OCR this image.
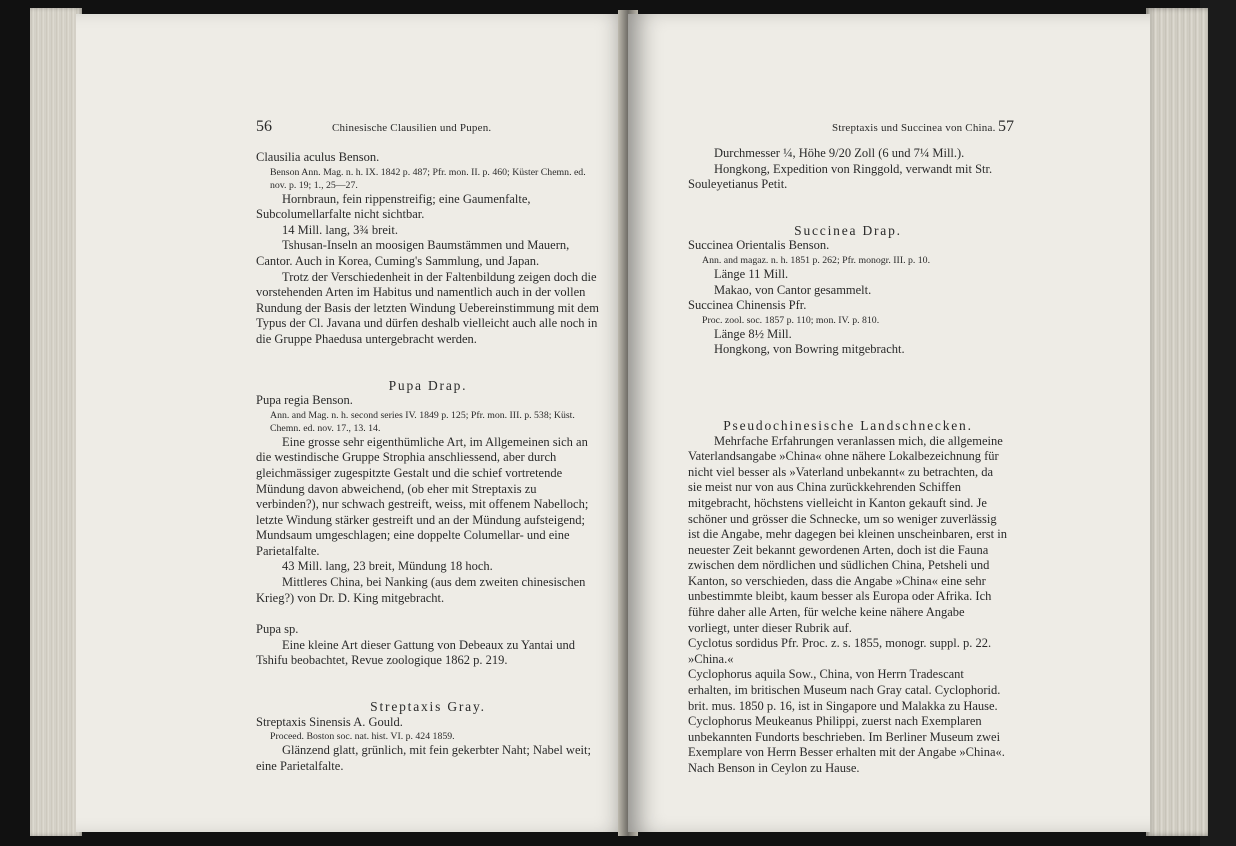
56	Chinesische Clausilien und Pupen.

Clausilia aculus Benson.

Benson Ann. Mag. n. h. IX. 1842 p. 487; Pfr. mon. II. p. 460; Küster Chemn. ed. nov. p. 19; 1., 25—27.

Hornbraun, fein rippenstreifig; eine Gaumenfalte, Subcolumellarfalte nicht sichtbar.

14 Mill. lang, 3¾ breit.

Tshusan-Inseln an moosigen Baumstämmen und Mauern, Cantor. Auch in Korea, Cuming's Sammlung, und Japan.

Trotz der Verschiedenheit in der Faltenbildung zeigen doch die vorstehenden Arten im Habitus und namentlich auch in der vollen Rundung der Basis der letzten Windung Uebereinstimmung mit dem Typus der Cl. Javana und dürfen deshalb vielleicht auch alle noch in die Gruppe Phaedusa untergebracht werden.

Pupa Drap.

Pupa regia Benson.

Ann. and Mag. n. h. second series IV. 1849 p. 125; Pfr. mon. III. p. 538; Küst. Chemn. ed. nov. 17., 13. 14.

Eine grosse sehr eigenthümliche Art, im Allgemeinen sich an die westindische Gruppe Strophia anschliessend, aber durch gleichmässiger zugespitzte Gestalt und die schief vortretende Mündung davon abweichend, (ob eher mit Streptaxis zu verbinden?), nur schwach gestreift, weiss, mit offenem Nabelloch; letzte Windung stärker gestreift und an der Mündung aufsteigend; Mundsaum umgeschlagen; eine doppelte Columellar- und eine Parietalfalte.

43 Mill. lang, 23 breit, Mündung 18 hoch.

Mittleres China, bei Nanking (aus dem zweiten chinesischen Krieg?) von Dr. D. King mitgebracht.

Pupa sp.

Eine kleine Art dieser Gattung von Debeaux zu Yantai und Tshifu beobachtet, Revue zoologique 1862 p. 219.

Streptaxis Gray.

Streptaxis Sinensis A. Gould.

Proceed. Boston soc. nat. hist. VI. p. 424 1859.

Glänzend glatt, grünlich, mit fein gekerbter Naht; Nabel weit; eine Parietalfalte.

Streptaxis und Succinea von China. 57

Durchmesser ¼, Höhe 9/20 Zoll (6 und 7¼ Mill.).

Hongkong, Expedition von Ringgold, verwandt mit Str. Souleyetianus Petit.

Succinea Drap.

Succinea Orientalis Benson.

Ann. and magaz. n. h. 1851 p. 262; Pfr. monogr. III. p. 10.

Länge 11 Mill.

Makao, von Cantor gesammelt.

Succinea Chinensis Pfr.

Proc. zool. soc. 1857 p. 110; mon. IV. p. 810.

Länge 8½ Mill.

Hongkong, von Bowring mitgebracht.

Pseudochinesische Landschnecken.

Mehrfache Erfahrungen veranlassen mich, die allgemeine Vaterlandsangabe »China« ohne nähere Lokalbezeichnung für nicht viel besser als »Vaterland unbekannt« zu betrachten, da sie meist nur von aus China zurückkehrenden Schiffen mitgebracht, höchstens vielleicht in Kanton gekauft sind. Je schöner und grösser die Schnecke, um so weniger zuverlässig ist die Angabe, mehr dagegen bei kleinen unscheinbaren, erst in neuester Zeit bekannt gewordenen Arten, doch ist die Fauna zwischen dem nördlichen und südlichen China, Petsheli und Kanton, so verschieden, dass die Angabe »China« eine sehr unbestimmte bleibt, kaum besser als Europa oder Afrika. Ich führe daher alle Arten, für welche keine nähere Angabe vorliegt, unter dieser Rubrik auf.

Cyclotus sordidus Pfr. Proc. z. s. 1855, monogr. suppl. p. 22. »China.«

Cyclophorus aquila Sow., China, von Herrn Tradescant erhalten, im britischen Museum nach Gray catal. Cyclophorid. brit. mus. 1850 p. 16, ist in Singapore und Malakka zu Hause.

Cyclophorus Meukeanus Philippi, zuerst nach Exemplaren unbekannten Fundorts beschrieben. Im Berliner Museum zwei Exemplare von Herrn Besser erhalten mit der Angabe »China«. Nach Benson in Ceylon zu Hause.
